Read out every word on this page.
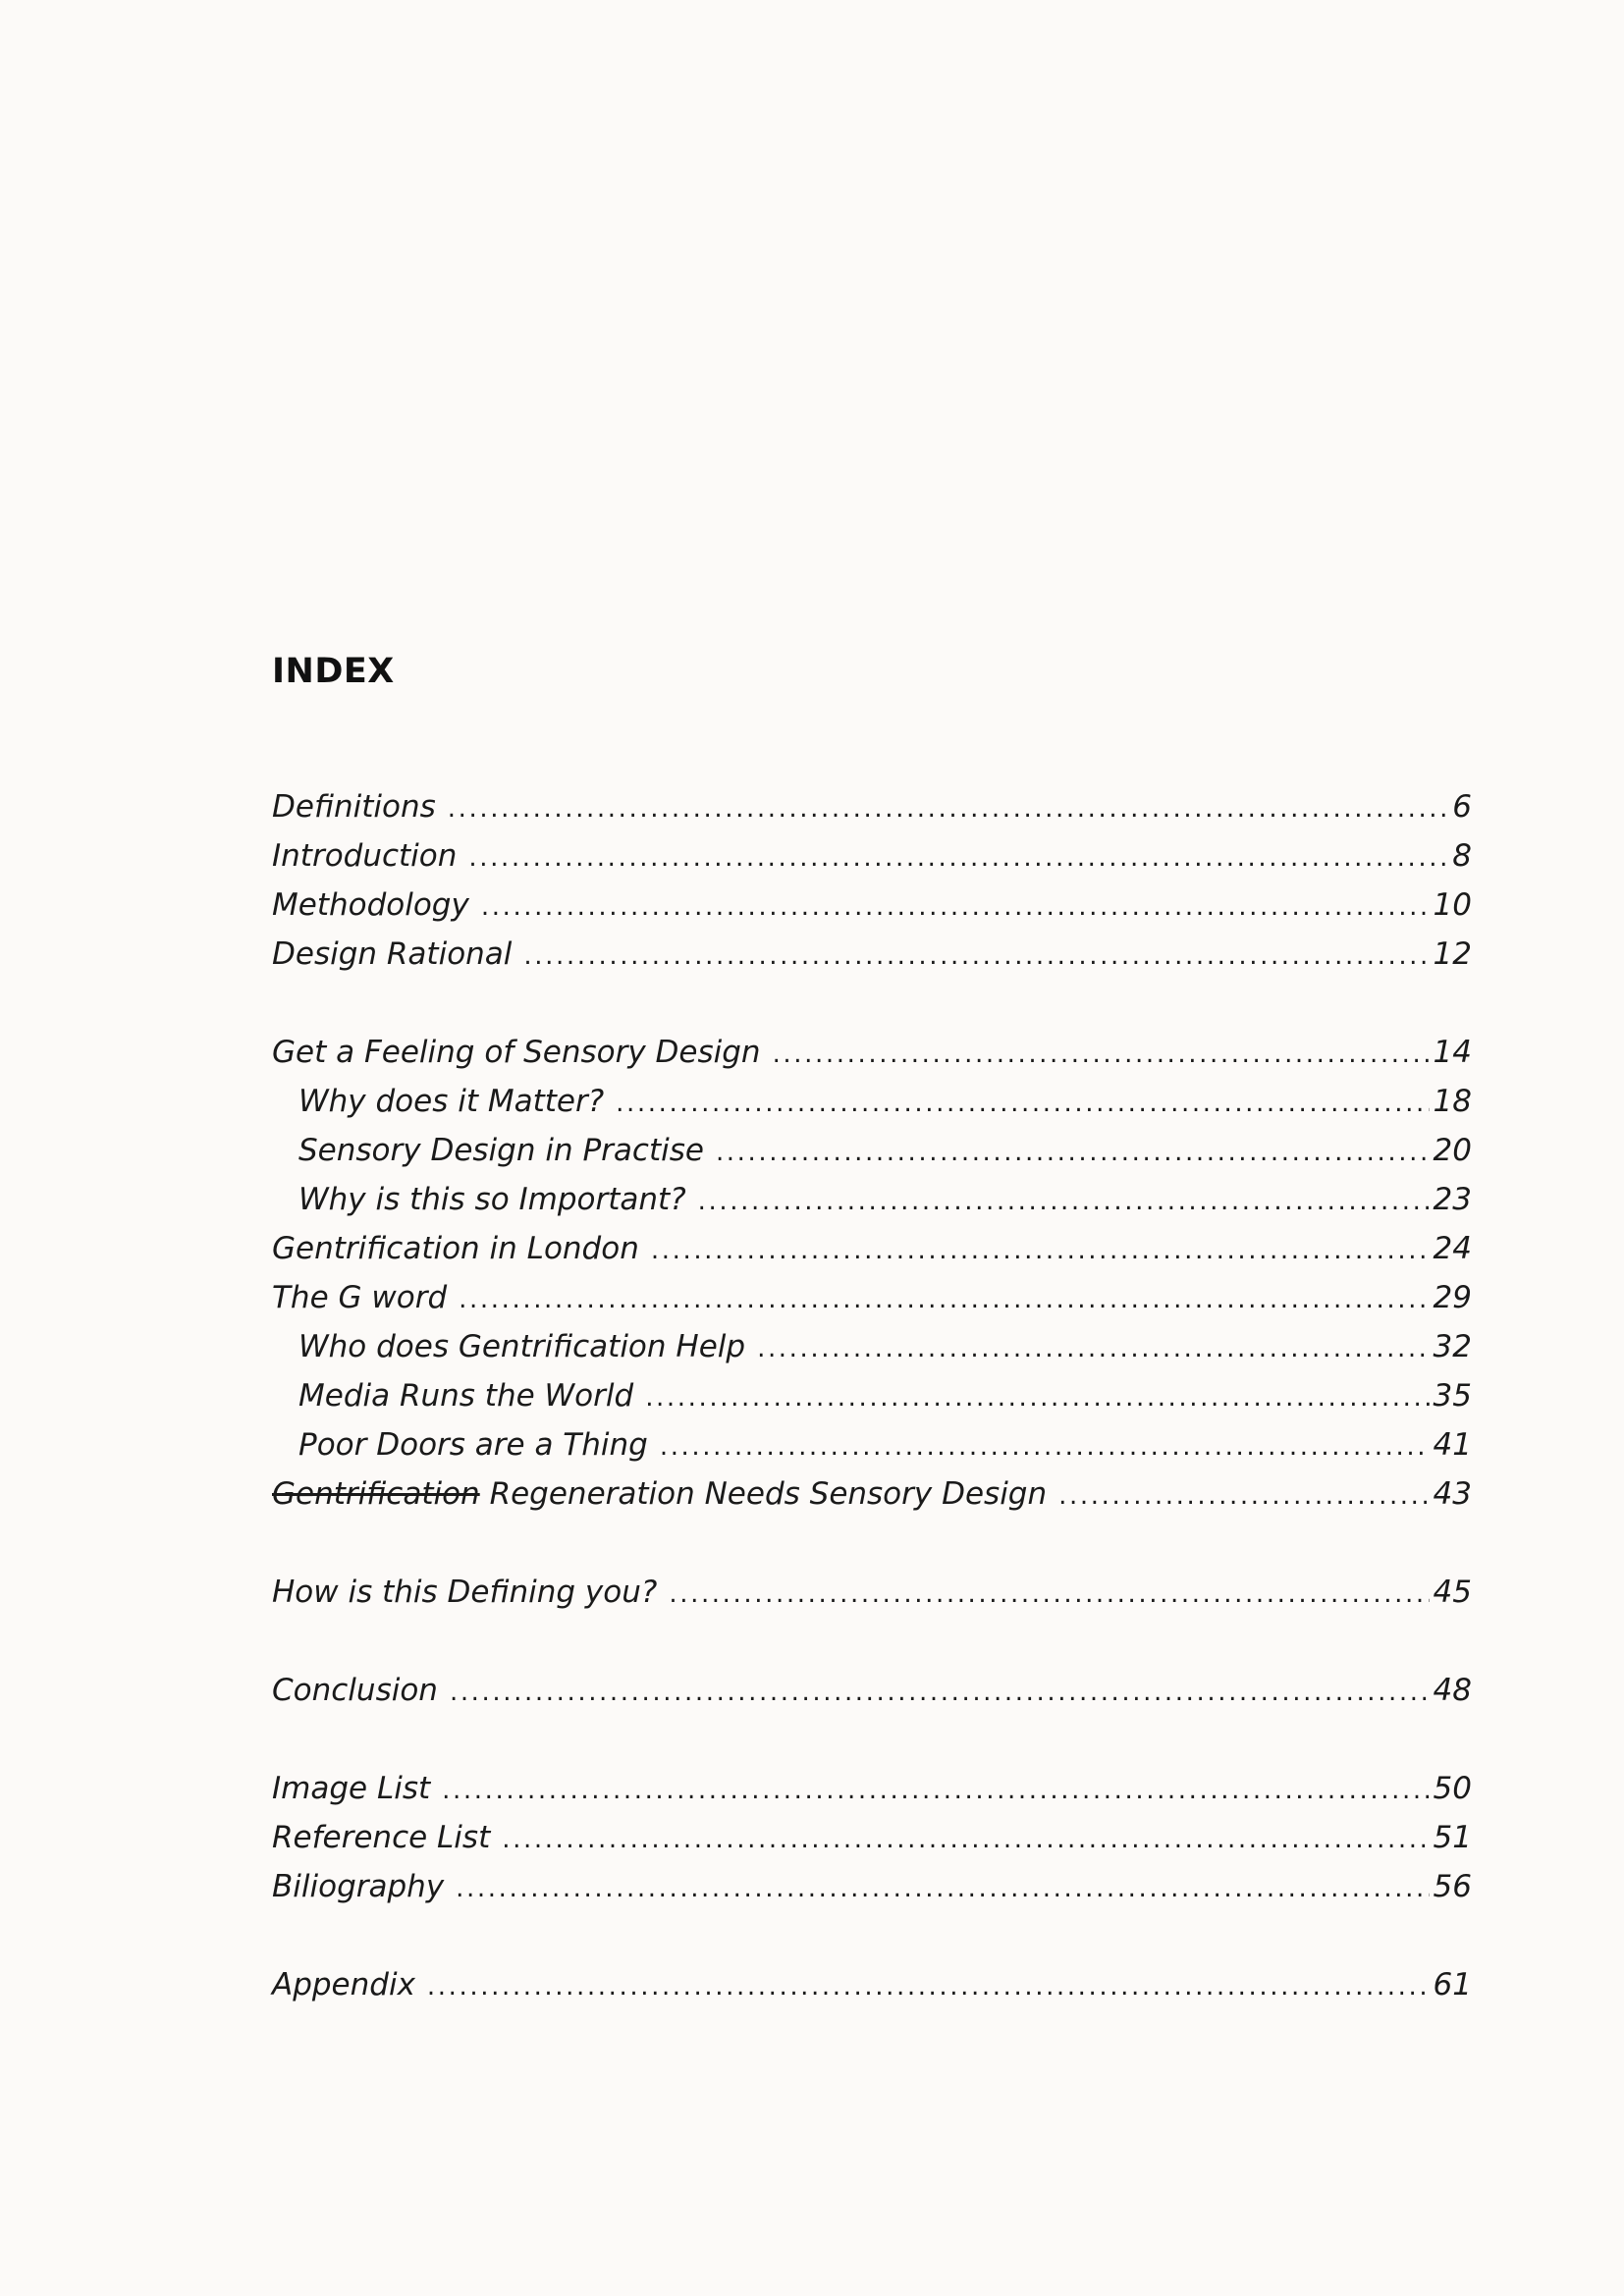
INDEX
Definitions .....	6
Introduction .....	8
Methodology .....	10
Design Rational .....	12
Get a Feeling of Sensory Design .....	14
Why does it Matter? .....	18
Sensory Design in Practise .....	20
Why is this so Important? .....	23
Gentrification in London .....	24
The G word .....	29
Who does Gentrification Help .....	32
Media Runs the World .....	35
Poor Doors are a Thing .....	41
Gentrification Regeneration Needs Sensory Design .....	43
How is this Defining you? .....	45
Conclusion .....	48
Image List .....	50
Reference List .....	51
Biliography .....	56
Appendix .....	61
